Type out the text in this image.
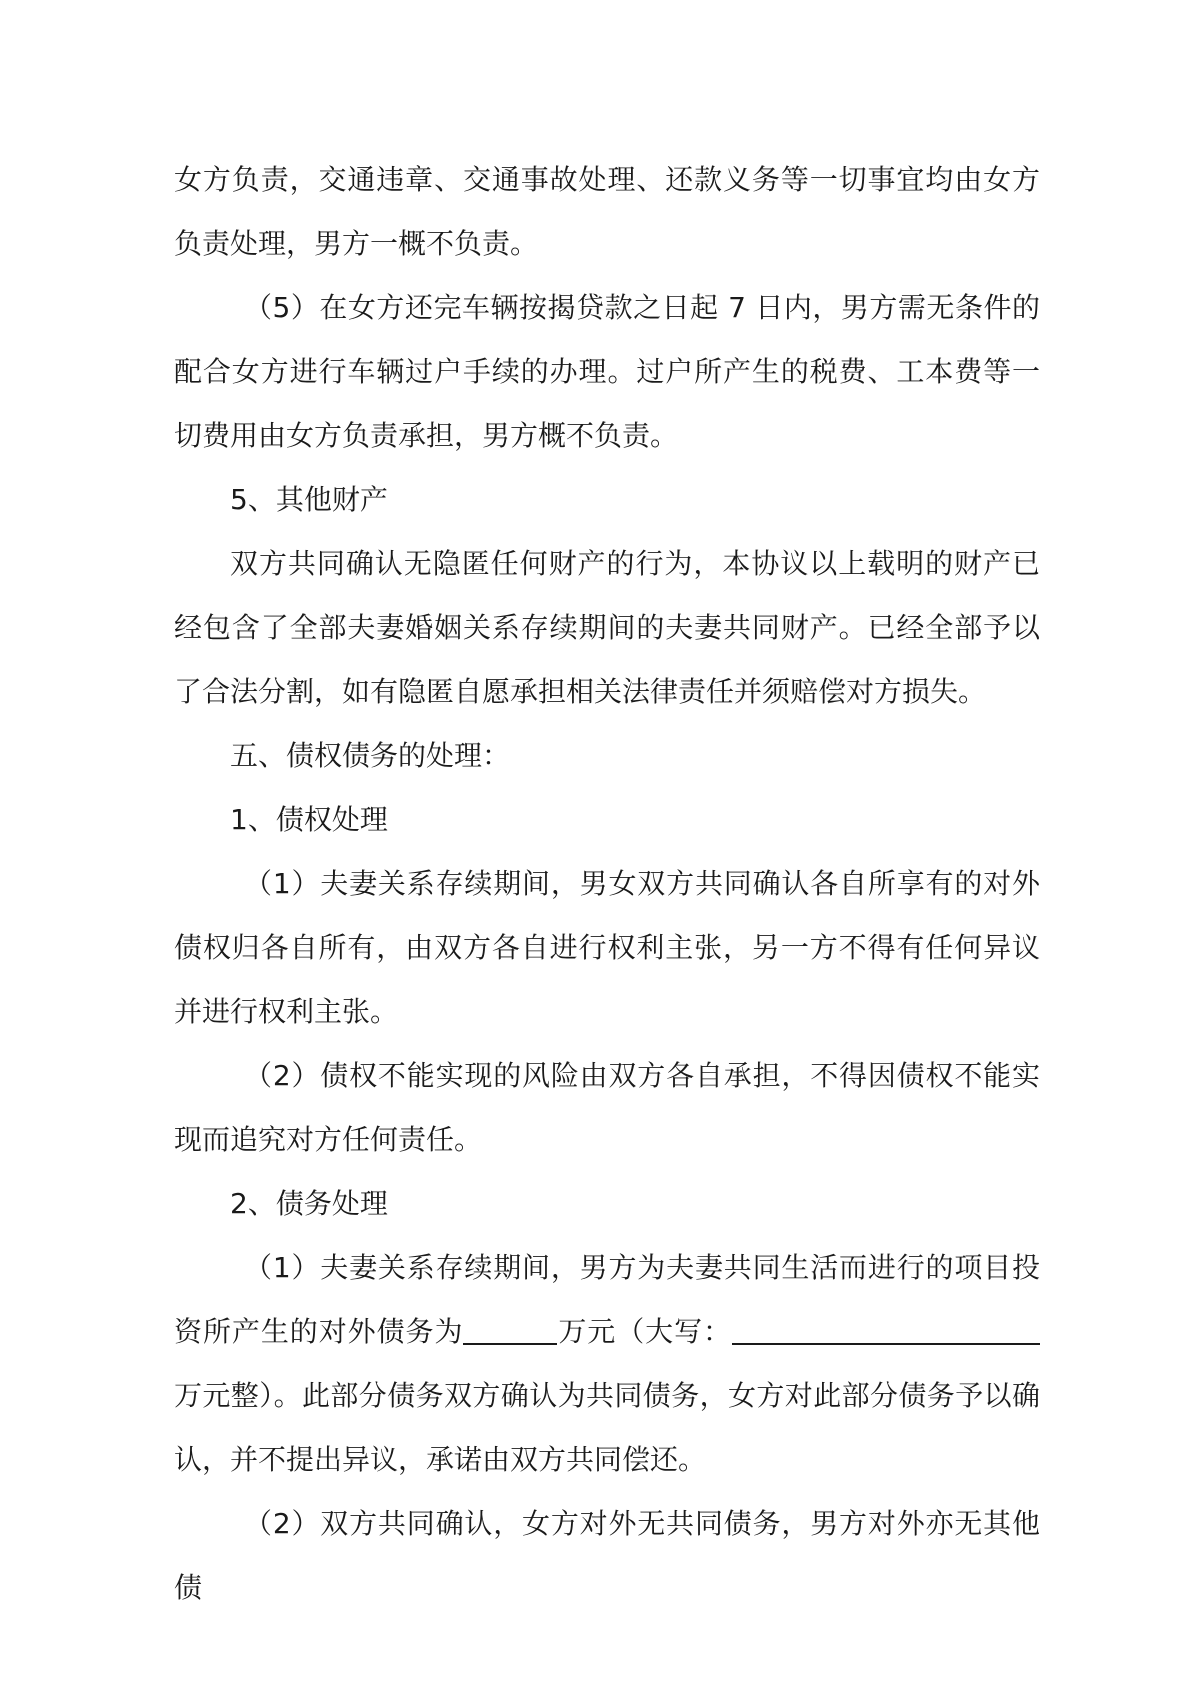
女方负责，交通违章、交通事故处理、还款义务等一切事宜均由女方负责处理，男方一概不负责。

（5）在女方还完车辆按揭贷款之日起 7 日内，男方需无条件的配合女方进行车辆过户手续的办理。过户所产生的税费、工本费等一切费用由女方负责承担，男方概不负责。

5、其他财产

双方共同确认无隐匿任何财产的行为，本协议以上载明的财产已经包含了全部夫妻婚姻关系存续期间的夫妻共同财产。已经全部予以了合法分割，如有隐匿自愿承担相关法律责任并须赔偿对方损失。

五、债权债务的处理：

1、债权处理

（1）夫妻关系存续期间，男女双方共同确认各自所享有的对外债权归各自所有，由双方各自进行权利主张，另一方不得有任何异议并进行权利主张。

（2）债权不能实现的风险由双方各自承担，不得因债权不能实现而追究对方任何责任。

2、债务处理

（1）夫妻关系存续期间，男方为夫妻共同生活而进行的项目投资所产生的对外债务为	万元（大写：万元整）。此部分债务双方确认为共同债务，女方对此部分债务予以确认，并不提出异议，承诺由双方共同偿还。

（2）双方共同确认，女方对外无共同债务，男方对外亦无其他债
